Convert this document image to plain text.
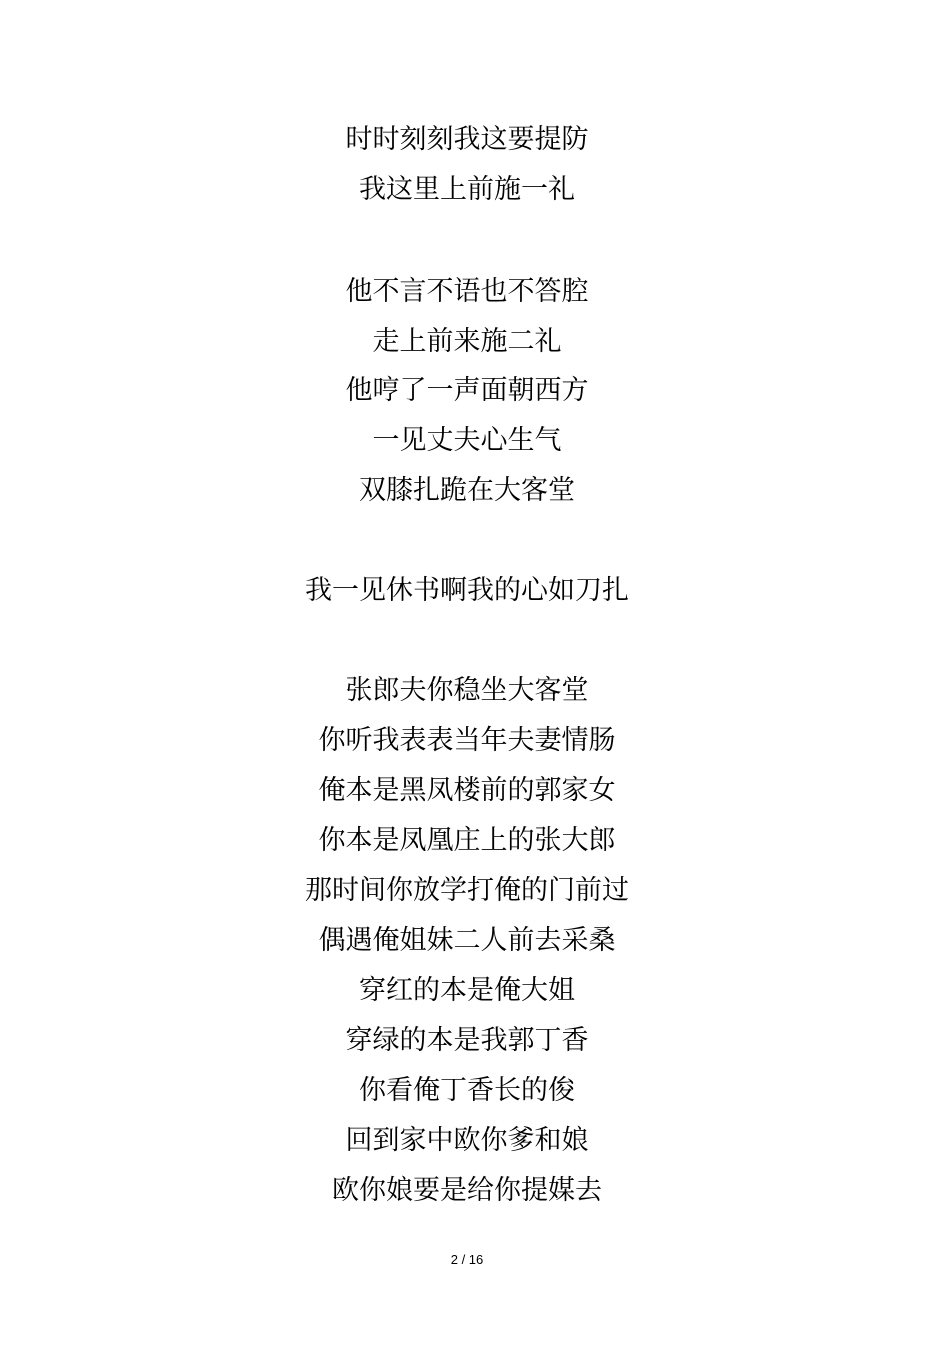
时时刻刻我这要提防
我这里上前施一礼
他不言不语也不答腔
走上前来施二礼
他哼了一声面朝西方
一见丈夫心生气
双膝扎跪在大客堂
我一见休书啊我的心如刀扎
张郎夫你稳坐大客堂
你听我表表当年夫妻情肠
俺本是黑凤楼前的郭家女
你本是凤凰庄上的张大郎
那时间你放学打俺的门前过
偶遇俺姐妹二人前去采桑
穿红的本是俺大姐
穿绿的本是我郭丁香
你看俺丁香长的俊
回到家中欧你爹和娘
欧你娘要是给你提媒去
2 / 16
